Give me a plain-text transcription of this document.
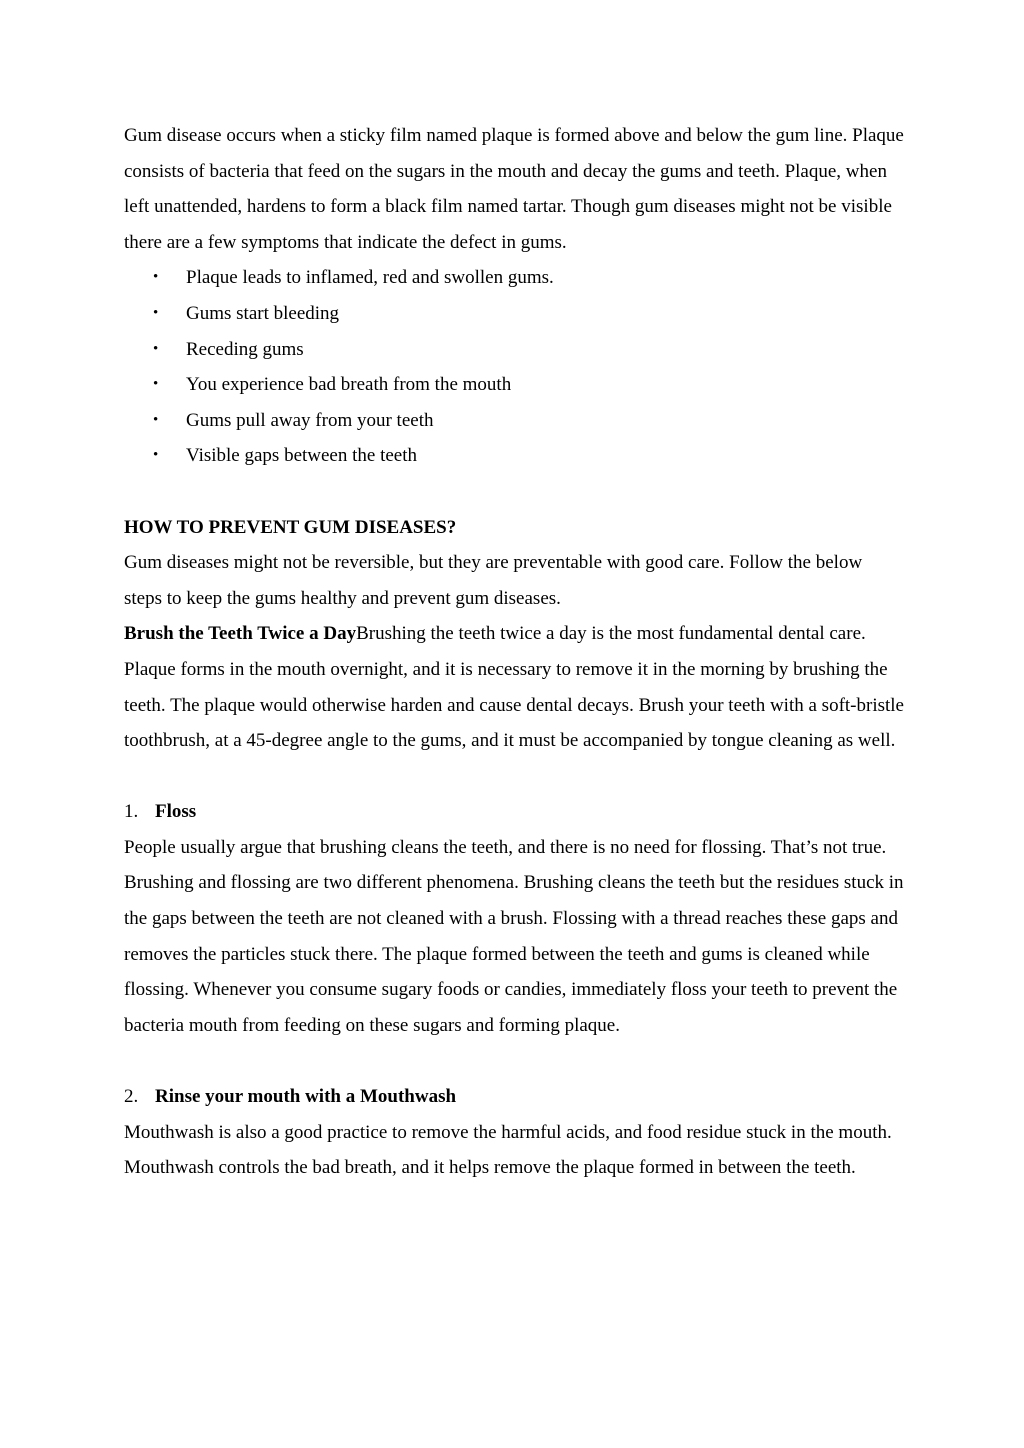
Gum disease occurs when a sticky film named plaque is formed above and below the gum line. Plaque consists of bacteria that feed on the sugars in the mouth and decay the gums and teeth. Plaque, when left unattended, hardens to form a black film named tartar. Though gum diseases might not be visible there are a few symptoms that indicate the defect in gums.

• Plaque leads to inflamed, red and swollen gums.
• Gums start bleeding
• Receding gums
• You experience bad breath from the mouth
• Gums pull away from your teeth
• Visible gaps between the teeth

HOW TO PREVENT GUM DISEASES?

Gum diseases might not be reversible, but they are preventable with good care. Follow the below steps to keep the gums healthy and prevent gum diseases.

Brush the Teeth Twice a DayBrushing the teeth twice a day is the most fundamental dental care. Plaque forms in the mouth overnight, and it is necessary to remove it in the morning by brushing the teeth. The plaque would otherwise harden and cause dental decays. Brush your teeth with a soft-bristle toothbrush, at a 45-degree angle to the gums, and it must be accompanied by tongue cleaning as well.

1. Floss

People usually argue that brushing cleans the teeth, and there is no need for flossing. That’s not true. Brushing and flossing are two different phenomena. Brushing cleans the teeth but the residues stuck in the gaps between the teeth are not cleaned with a brush. Flossing with a thread reaches these gaps and removes the particles stuck there. The plaque formed between the teeth and gums is cleaned while flossing. Whenever you consume sugary foods or candies, immediately floss your teeth to prevent the bacteria mouth from feeding on these sugars and forming plaque.

2. Rinse your mouth with a Mouthwash

Mouthwash is also a good practice to remove the harmful acids, and food residue stuck in the mouth. Mouthwash controls the bad breath, and it helps remove the plaque formed in between the teeth.
